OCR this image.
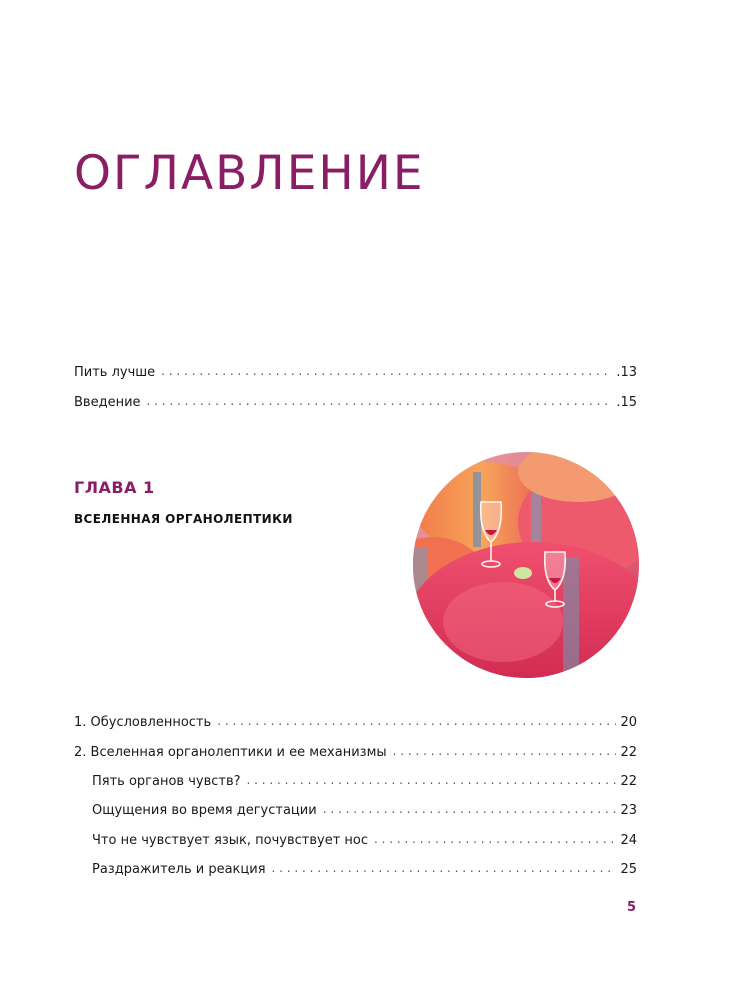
ОГЛАВЛЕНИЕ
Пить лучше . . .	.13
Введение . . .	.15
ГЛАВА 1
ВСЕЛЕННАЯ ОРГАНОЛЕПТИКИ
1. Обусловленность . . .	20
2. Вселенная органолептики и ее механизмы . . .	22
Пять органов чувств? . . .	22
Ощущения во время дегустации . . .	23
Что не чувствует язык, почувствует нос . . .	24
Раздражитель и реакция . . .	25
5
